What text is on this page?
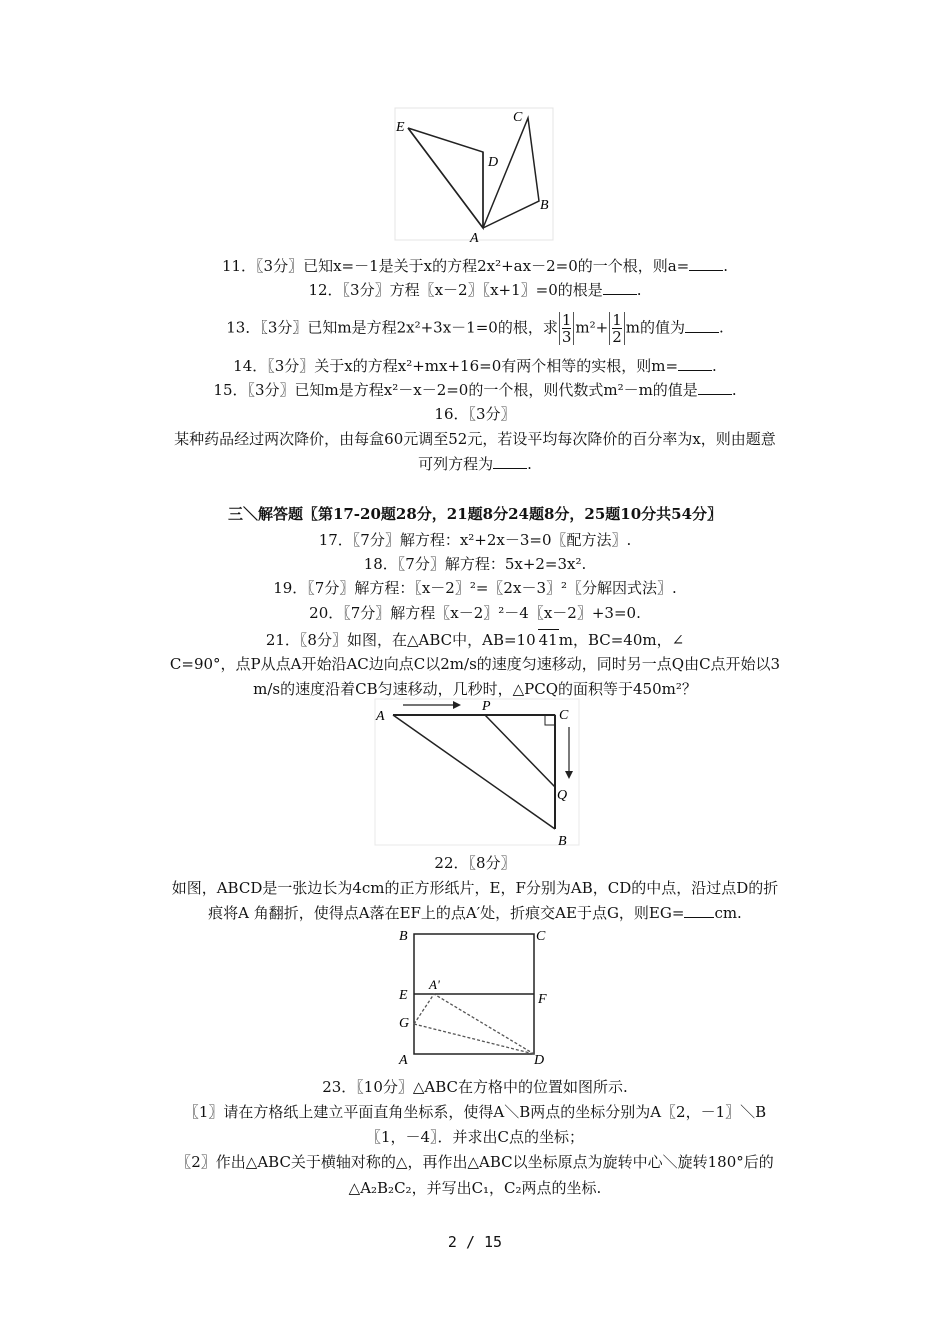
E
D
C
B
A
11．〖3分〗已知x=－1是关于x的方程2x²+ax－2=0的一个根，则a= .
12．〖3分〗方程〖x－2〗〖x+1〗=0的根是 .
13．〖3分〗已知m是方程2x²+3x－1=0的根，求 $\frac{1}{3} m^2+ \frac{1}{2}$ m的值为 .
14．〖3分〗关于x的方程x²+mx+16=0有两个相等的实根，则m= .
15．〖3分〗已知m是方程x²－x－2=0的一个根，则代数式m²－m的值是 .
16．〖3分〗
某种药品经过两次降价，由每盒60元调至52元，若设平均每次降价的百分率为x，则由题意
可列方程为 .
三＼解答题〖第17-20题28分，21题8分24题8分，25题10分共54分〗
17．〖7分〗解方程：x²+2x－3=0〖配方法〗.
18．〖7分〗解方程：5x+2=3x².
19．〖7分〗解方程：〖x－2〗²=〖2x－3〗²〖分解因式法〗.
20．〖7分〗解方程〖x－2〗²－4〖x－2〗+3=0.
21．〖8分〗如图，在△ABC中，AB=10 41m，BC=40m，∠
C=90°，点P从点A开始沿AC边向点C以2m/s的速度匀速移动，同时另一点Q由C点开始以3
m/s的速度沿着CB匀速移动，几秒时，△PCQ的面积等于450m²？
A
P
C
Q
B
22．〖8分〗
如图，ABCD是一张边长为4cm的正方形纸片，E，F分别为AB，CD的中点，沿过点D的折
痕将A 角翻折，使得点A落在EF上的点A′处，折痕交AE于点G，则EG= cm.
B	C
E	F
G
A	D
A'
23．〖10分〗△ABC在方格中的位置如图所示.
〖1〗请在方格纸上建立平面直角坐标系，使得A＼B两点的坐标分别为A〖2，－1〗＼B
〖1，－4〗．并求出C点的坐标；
〖2〗作出△ABC关于横轴对称的△，再作出△ABC以坐标原点为旋转中心＼旋转180°后的
△A₂B₂C₂，并写出C₁，C₂两点的坐标.
2 / 15
